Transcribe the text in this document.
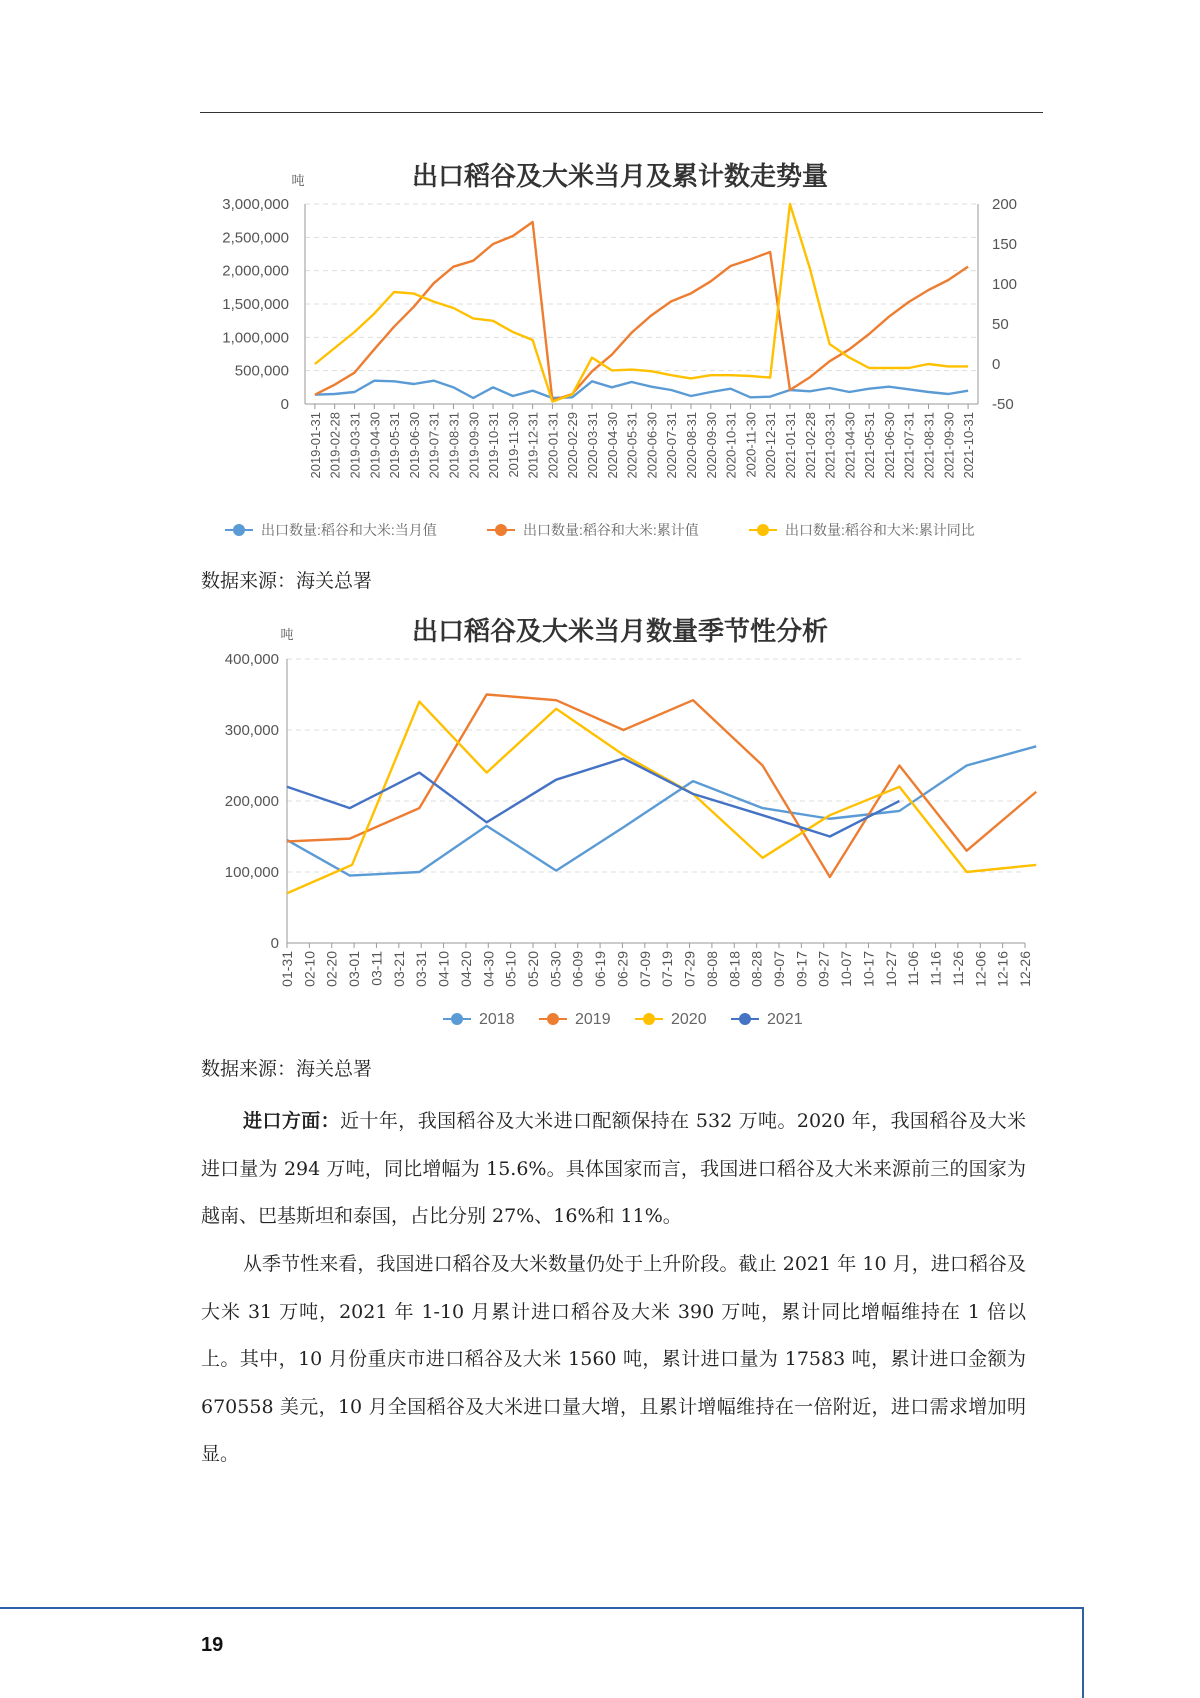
出口稻谷及大米当月及累计数走势量
吨
0
500,000
1,000,000
1,500,000
2,000,000
2,500,000
3,000,000
-50
0
50
100
150
200
2019-01-31 2019-02-28 2019-03-31 2019-04-30 2019-05-31 2019-06-30 2019-07-31 2019-08-31 2019-09-30 2019-10-31 2019-11-30 2019-12-31 2020-01-31 2020-02-29 2020-03-31 2020-04-30 2020-05-31 2020-06-30 2020-07-31 2020-08-31 2020-09-30 2020-10-31 2020-11-30 2020-12-31 2021-01-31 2021-02-28 2021-03-31 2021-04-30 2021-05-31 2021-06-30 2021-07-31 2021-08-31 2021-09-30 2021-10-31
出口数量:稻谷和大米:当月值	出口数量:稻谷和大米:累计值	出口数量:稻谷和大米:累计同比
数据来源：海关总署
出口稻谷及大米当月数量季节性分析
吨
0
100,000
200,000
300,000
400,000
01-31 02-10 02-20 03-01 03-11 03-21 03-31 04-10 04-20 04-30 05-10 05-20 05-30 06-09 06-19 06-29 07-09 07-19 07-29 08-08 08-18 08-28 09-07 09-17 09-27 10-07 10-17 10-27 11-06 11-16 11-26 12-06 12-16 12-26
2018	2019	2020	2021
数据来源：海关总署

进口方面：近十年，我国稻谷及大米进口配额保持在 532 万吨。2020 年，我国稻谷及大米进口量为 294 万吨，同比增幅为 15.6%。具体国家而言，我国进口稻谷及大米来源前三的国家为越南、巴基斯坦和泰国，占比分别 27%、16%和 11%。

从季节性来看，我国进口稻谷及大米数量仍处于上升阶段。截止 2021 年 10 月，进口稻谷及大米 31 万吨，2021 年 1-10 月累计进口稻谷及大米 390 万吨，累计同比增幅维持在 1 倍以上。其中，10 月份重庆市进口稻谷及大米 1560 吨，累计进口量为 17583 吨，累计进口金额为 670558 美元，10 月全国稻谷及大米进口量大增，且累计增幅维持在一倍附近，进口需求增加明显。

19
